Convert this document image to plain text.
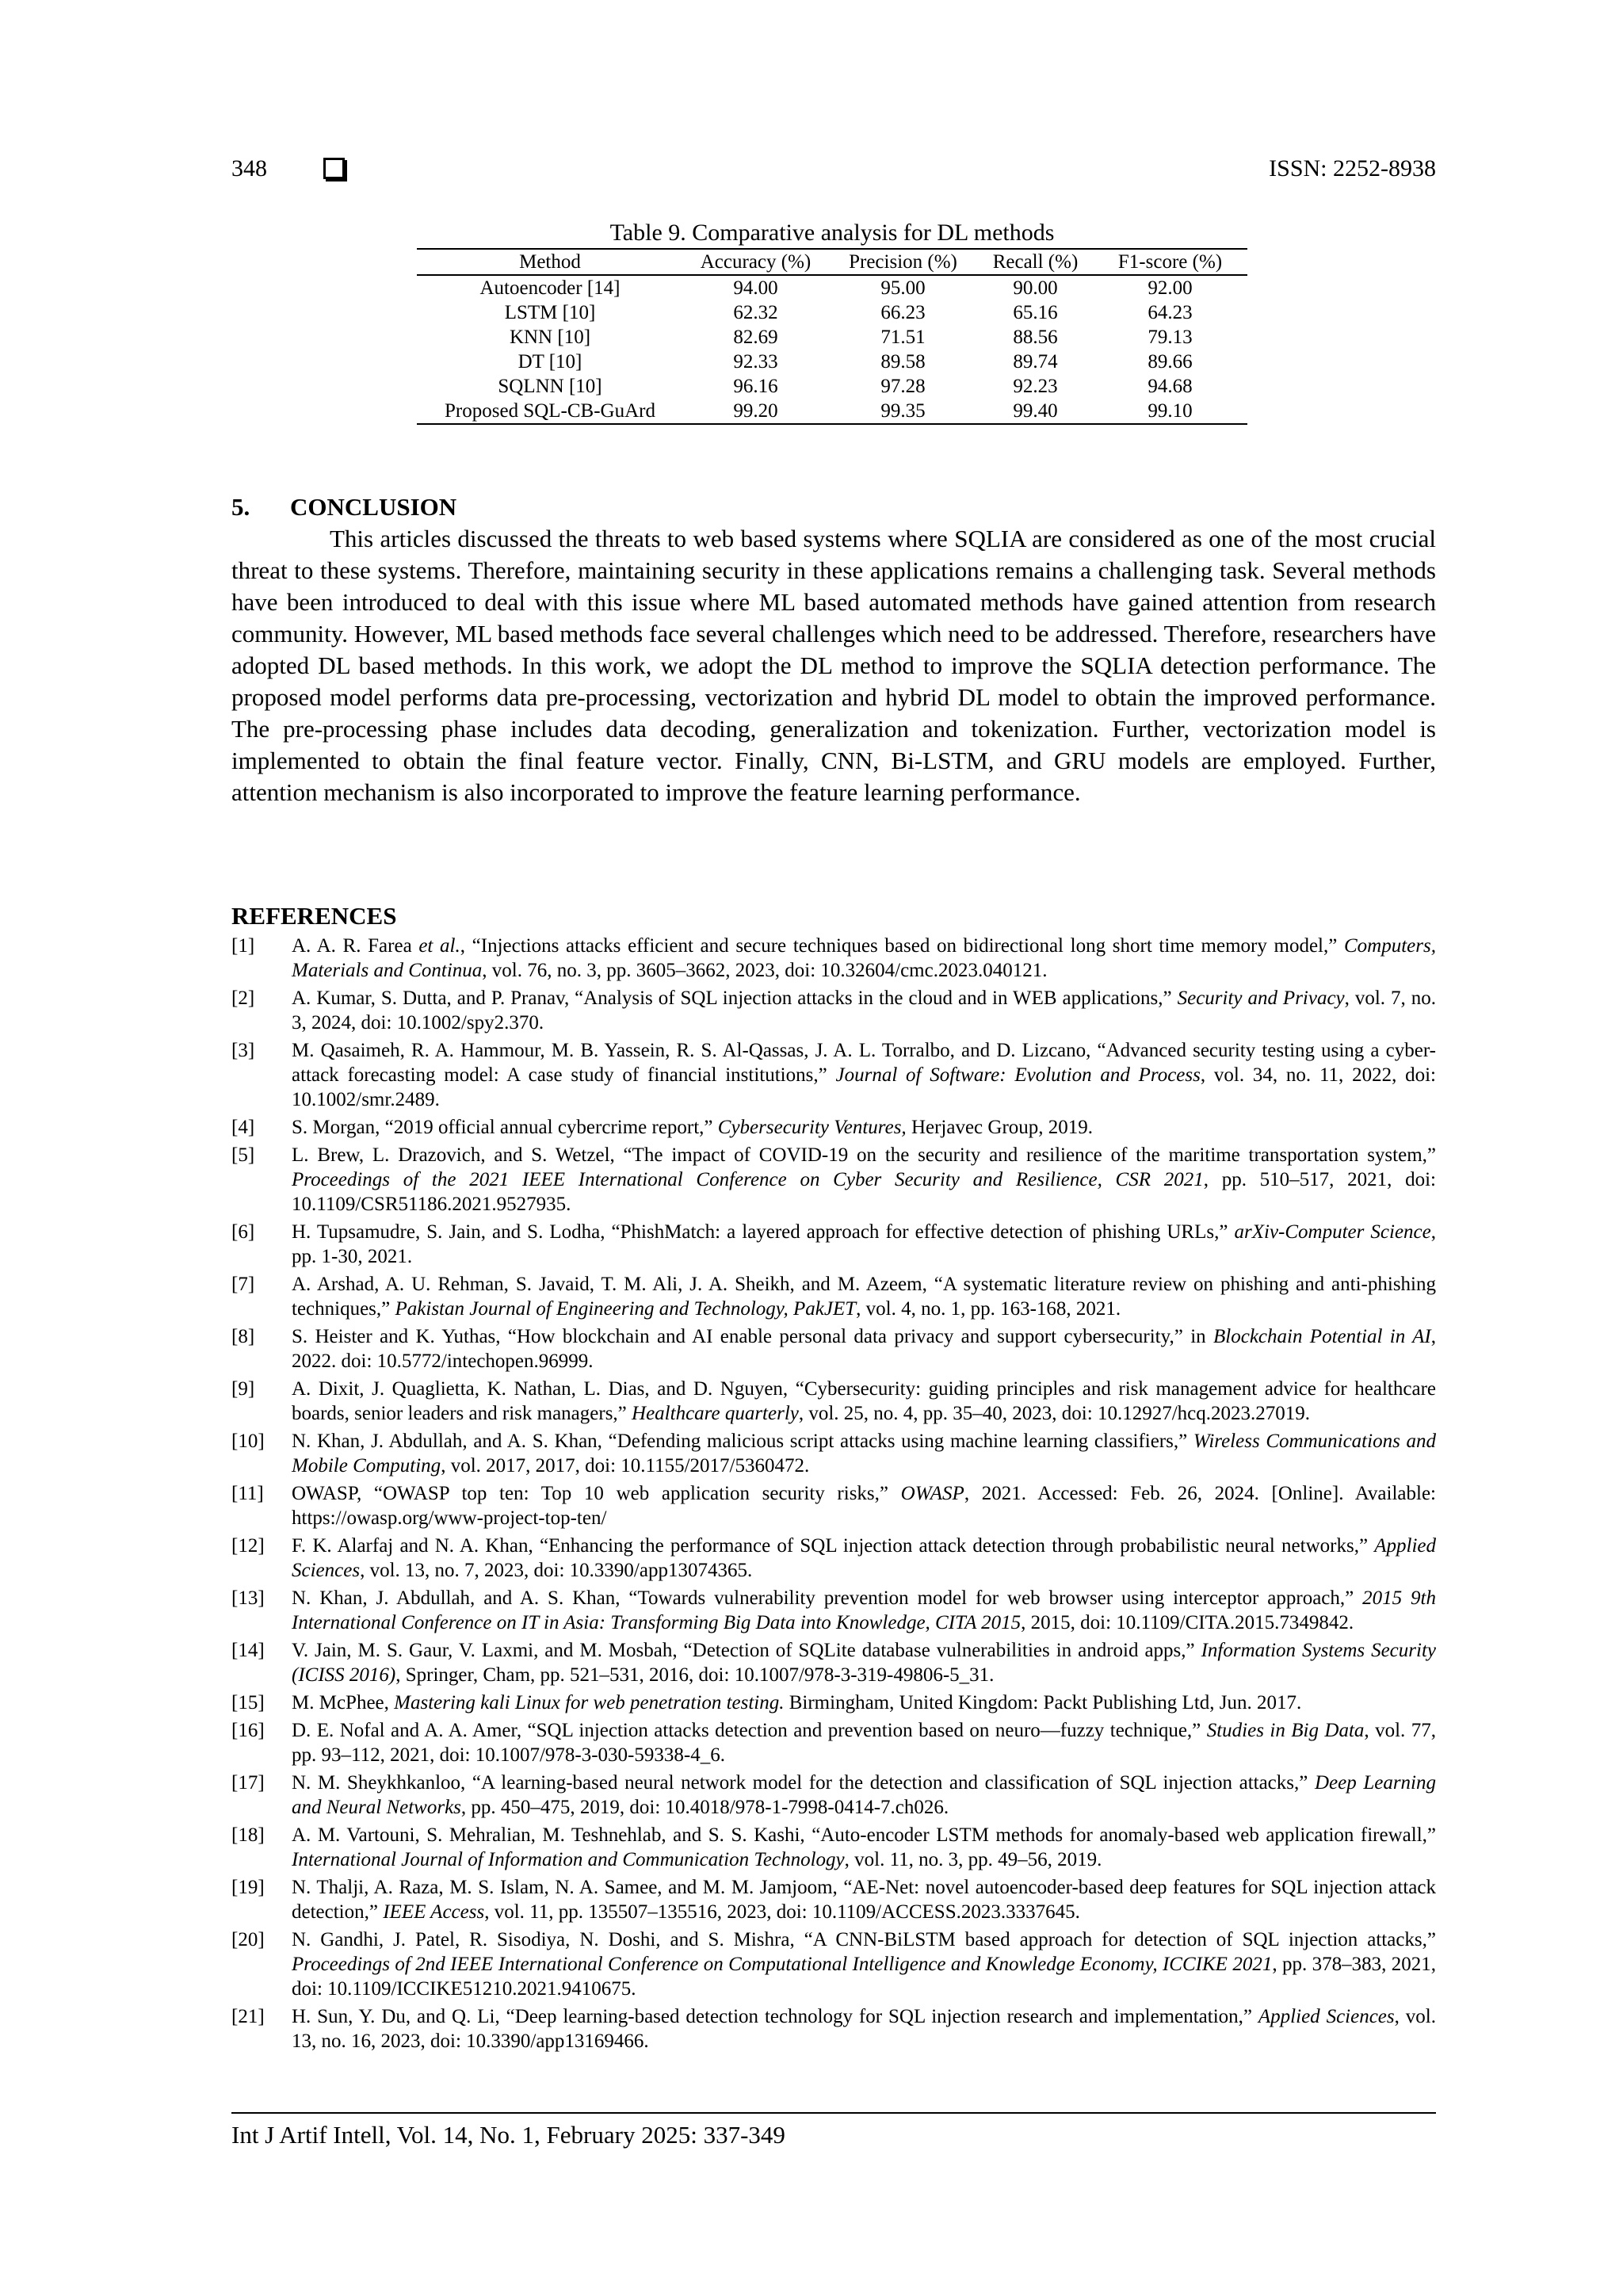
348	ISSN: 2252-8938
Table 9. Comparative analysis for DL methods
Method	Accuracy (%)	Precision (%)	Recall (%)	F1-score (%)
Autoencoder [14]	94.00	95.00	90.00	92.00
LSTM [10]	62.32	66.23	65.16	64.23
KNN [10]	82.69	71.51	88.56	79.13
DT [10]	92.33	89.58	89.74	89.66
SQLNN [10]	96.16	97.28	92.23	94.68
Proposed SQL-CB-GuArd	99.20	99.35	99.40	99.10
5. CONCLUSION

This articles discussed the threats to web based systems where SQLIA are considered as one of the most crucial threat to these systems. Therefore, maintaining security in these applications remains a challenging task. Several methods have been introduced to deal with this issue where ML based automated methods have gained attention from research community. However, ML based methods face several challenges which need to be addressed. Therefore, researchers have adopted DL based methods. In this work, we adopt the DL method to improve the SQLIA detection performance. The proposed model performs data pre-processing, vectorization and hybrid DL model to obtain the improved performance. The pre-processing phase includes data decoding, generalization and tokenization. Further, vectorization model is implemented to obtain the final feature vector. Finally, CNN, Bi-LSTM, and GRU models are employed. Further, attention mechanism is also incorporated to improve the feature learning performance.

REFERENCES
[1] A. A. R. Farea et al., “Injections attacks efficient and secure techniques based on bidirectional long short time memory model,” Computers, Materials and Continua, vol. 76, no. 3, pp. 3605–3662, 2023, doi: 10.32604/cmc.2023.040121.
[2] A. Kumar, S. Dutta, and P. Pranav, “Analysis of SQL injection attacks in the cloud and in WEB applications,” Security and Privacy, vol. 7, no. 3, 2024, doi: 10.1002/spy2.370.
[3] M. Qasaimeh, R. A. Hammour, M. B. Yassein, R. S. Al-Qassas, J. A. L. Torralbo, and D. Lizcano, “Advanced security testing using a cyber-attack forecasting model: A case study of financial institutions,” Journal of Software: Evolution and Process, vol. 34, no. 11, 2022, doi: 10.1002/smr.2489.
[4] S. Morgan, “2019 official annual cybercrime report,” Cybersecurity Ventures, Herjavec Group, 2019.
[5] L. Brew, L. Drazovich, and S. Wetzel, “The impact of COVID-19 on the security and resilience of the maritime transportation system,” Proceedings of the 2021 IEEE International Conference on Cyber Security and Resilience, CSR 2021, pp. 510–517, 2021, doi: 10.1109/CSR51186.2021.9527935.
[6] H. Tupsamudre, S. Jain, and S. Lodha, “PhishMatch: a layered approach for effective detection of phishing URLs,” arXiv-Computer Science, pp. 1-30, 2021.
[7] A. Arshad, A. U. Rehman, S. Javaid, T. M. Ali, J. A. Sheikh, and M. Azeem, “A systematic literature review on phishing and anti-phishing techniques,” Pakistan Journal of Engineering and Technology, PakJET, vol. 4, no. 1, pp. 163-168, 2021.
[8] S. Heister and K. Yuthas, “How blockchain and AI enable personal data privacy and support cybersecurity,” in Blockchain Potential in AI, 2022. doi: 10.5772/intechopen.96999.
[9] A. Dixit, J. Quaglietta, K. Nathan, L. Dias, and D. Nguyen, “Cybersecurity: guiding principles and risk management advice for healthcare boards, senior leaders and risk managers,” Healthcare quarterly, vol. 25, no. 4, pp. 35–40, 2023, doi: 10.12927/hcq.2023.27019.
[10] N. Khan, J. Abdullah, and A. S. Khan, “Defending malicious script attacks using machine learning classifiers,” Wireless Communications and Mobile Computing, vol. 2017, 2017, doi: 10.1155/2017/5360472.
[11] OWASP, “OWASP top ten: Top 10 web application security risks,” OWASP, 2021. Accessed: Feb. 26, 2024. [Online]. Available: https://owasp.org/www-project-top-ten/
[12] F. K. Alarfaj and N. A. Khan, “Enhancing the performance of SQL injection attack detection through probabilistic neural networks,” Applied Sciences, vol. 13, no. 7, 2023, doi: 10.3390/app13074365.
[13] N. Khan, J. Abdullah, and A. S. Khan, “Towards vulnerability prevention model for web browser using interceptor approach,” 2015 9th International Conference on IT in Asia: Transforming Big Data into Knowledge, CITA 2015, 2015, doi: 10.1109/CITA.2015.7349842.
[14] V. Jain, M. S. Gaur, V. Laxmi, and M. Mosbah, “Detection of SQLite database vulnerabilities in android apps,” Information Systems Security (ICISS 2016), Springer, Cham, pp. 521–531, 2016, doi: 10.1007/978-3-319-49806-5_31.
[15] M. McPhee, Mastering kali Linux for web penetration testing. Birmingham, United Kingdom: Packt Publishing Ltd, Jun. 2017.
[16] D. E. Nofal and A. A. Amer, “SQL injection attacks detection and prevention based on neuro—fuzzy technique,” Studies in Big Data, vol. 77, pp. 93–112, 2021, doi: 10.1007/978-3-030-59338-4_6.
[17] N. M. Sheykhkanloo, “A learning-based neural network model for the detection and classification of SQL injection attacks,” Deep Learning and Neural Networks, pp. 450–475, 2019, doi: 10.4018/978-1-7998-0414-7.ch026.
[18] A. M. Vartouni, S. Mehralian, M. Teshnehlab, and S. S. Kashi, “Auto-encoder LSTM methods for anomaly-based web application firewall,” International Journal of Information and Communication Technology, vol. 11, no. 3, pp. 49–56, 2019.
[19] N. Thalji, A. Raza, M. S. Islam, N. A. Samee, and M. M. Jamjoom, “AE-Net: novel autoencoder-based deep features for SQL injection attack detection,” IEEE Access, vol. 11, pp. 135507–135516, 2023, doi: 10.1109/ACCESS.2023.3337645.
[20] N. Gandhi, J. Patel, R. Sisodiya, N. Doshi, and S. Mishra, “A CNN-BiLSTM based approach for detection of SQL injection attacks,” Proceedings of 2nd IEEE International Conference on Computational Intelligence and Knowledge Economy, ICCIKE 2021, pp. 378–383, 2021, doi: 10.1109/ICCIKE51210.2021.9410675.
[21] H. Sun, Y. Du, and Q. Li, “Deep learning-based detection technology for SQL injection research and implementation,” Applied Sciences, vol. 13, no. 16, 2023, doi: 10.3390/app13169466.
Int J Artif Intell, Vol. 14, No. 1, February 2025: 337-349
